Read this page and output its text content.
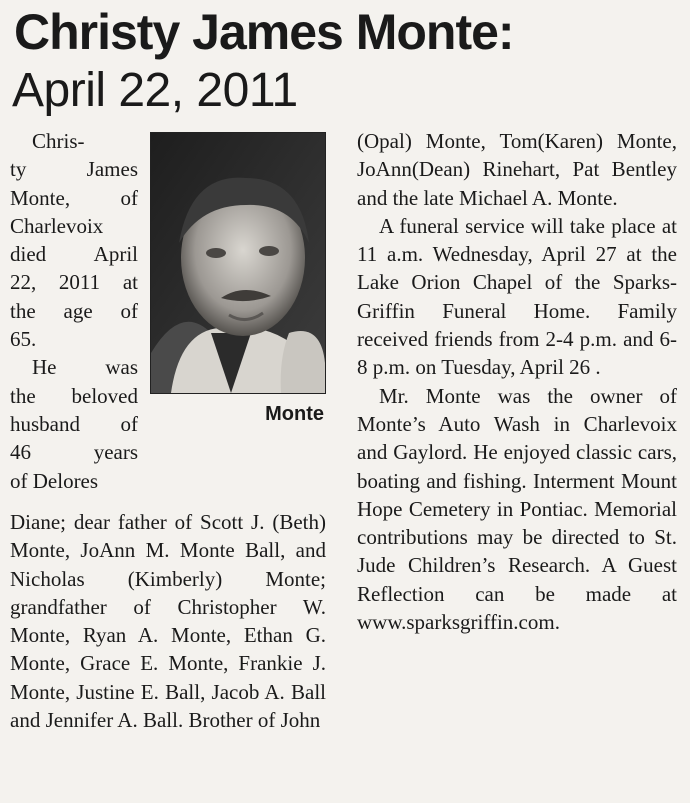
Christy James Monte:
April 22, 2011

Chris-

ty James

Monte, of

Charlevoix

died April

22, 2011 at

the age of

65.

He was

the beloved

husband of

46 years

of Delores

Monte

Diane; dear father of Scott J. (Beth) Monte, JoAnn M. Monte Ball, and Nicholas (Kimberly) Monte; grandfather of Christopher W. Monte, Ryan A. Monte, Ethan G. Monte, Grace E. Monte, Frankie J. Monte, Justine E. Ball, Jacob A. Ball and Jennifer A. Ball. Brother of John

(Opal) Monte, Tom(Karen) Monte, JoAnn(Dean) Rinehart, Pat Bentley and the late Michael A. Monte.

A funeral service will take place at 11 a.m. Wednesday, April 27 at the Lake Orion Chapel of the Sparks-Griffin Funeral Home. Family received friends from 2-4 p.m. and 6-8 p.m. on Tuesday, April 26 .

Mr. Monte was the owner of Monte’s Auto Wash in Charlevoix and Gaylord. He enjoyed classic cars, boating and fishing. Interment Mount Hope Cemetery in Pontiac. Memorial contributions may be directed to St. Jude Children’s Research. A Guest Reflection can be made at www.sparksgriffin.com.
